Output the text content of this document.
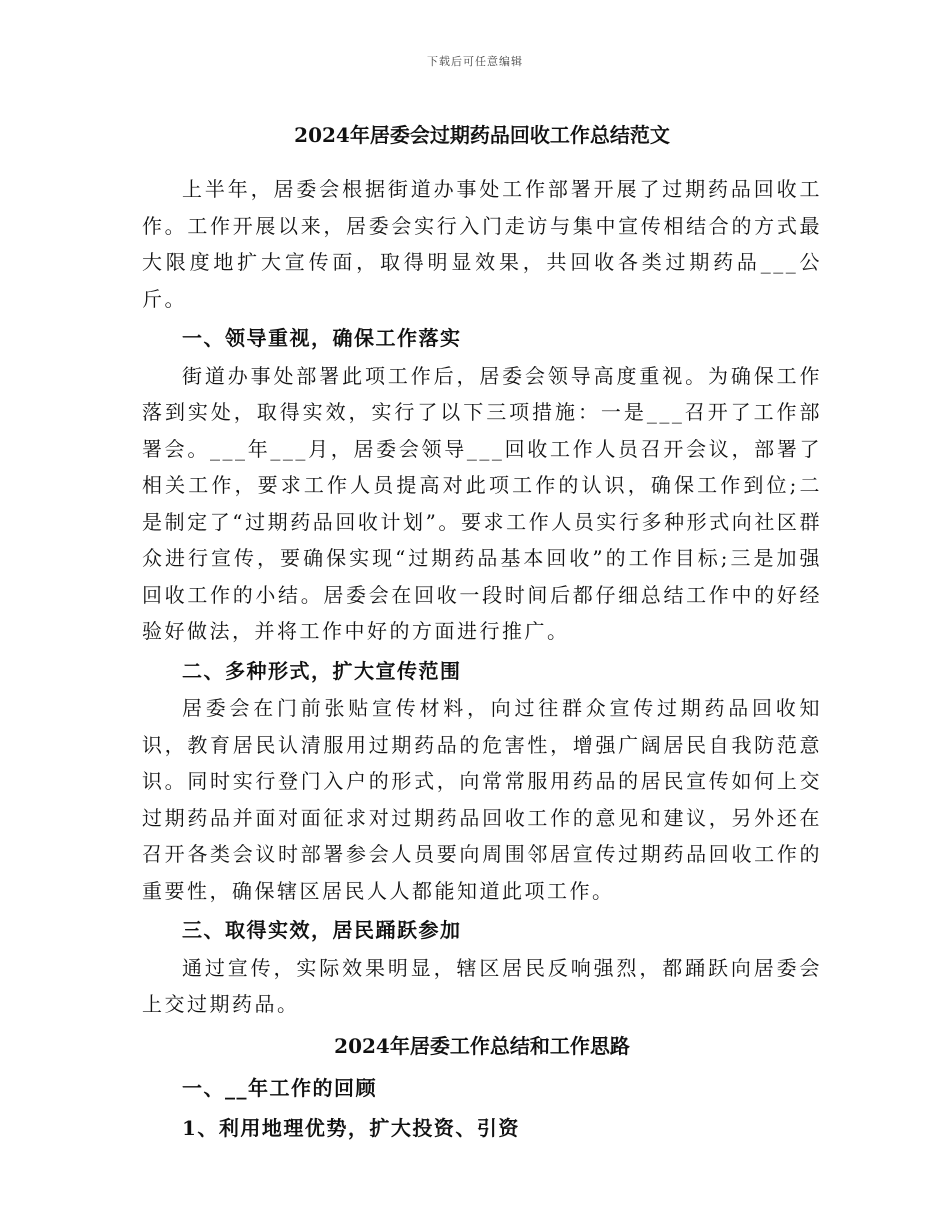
下载后可任意编辑
2024年居委会过期药品回收工作总结范文

上半年，居委会根据街道办事处工作部署开展了过期药品回收工作。工作开展以来，居委会实行入门走访与集中宣传相结合的方式最大限度地扩大宣传面，取得明显效果，共回收各类过期药品___公斤。

一、领导重视，确保工作落实

街道办事处部署此项工作后，居委会领导高度重视。为确保工作落到实处，取得实效，实行了以下三项措施：一是___召开了工作部署会。___年___月，居委会领导___回收工作人员召开会议，部署了相关工作，要求工作人员提高对此项工作的认识，确保工作到位;二是制定了“过期药品回收计划”。要求工作人员实行多种形式向社区群众进行宣传，要确保实现“过期药品基本回收”的工作目标;三是加强回收工作的小结。居委会在回收一段时间后都仔细总结工作中的好经验好做法，并将工作中好的方面进行推广。

二、多种形式，扩大宣传范围

居委会在门前张贴宣传材料，向过往群众宣传过期药品回收知识，教育居民认清服用过期药品的危害性，增强广阔居民自我防范意识。同时实行登门入户的形式，向常常服用药品的居民宣传如何上交过期药品并面对面征求对过期药品回收工作的意见和建议，另外还在召开各类会议时部署参会人员要向周围邻居宣传过期药品回收工作的重要性，确保辖区居民人人都能知道此项工作。

三、取得实效，居民踊跃参加

通过宣传，实际效果明显，辖区居民反响强烈，都踊跃向居委会上交过期药品。

2024年居委工作总结和工作思路
一、__年工作的回顾
1、利用地理优势，扩大投资、引资
